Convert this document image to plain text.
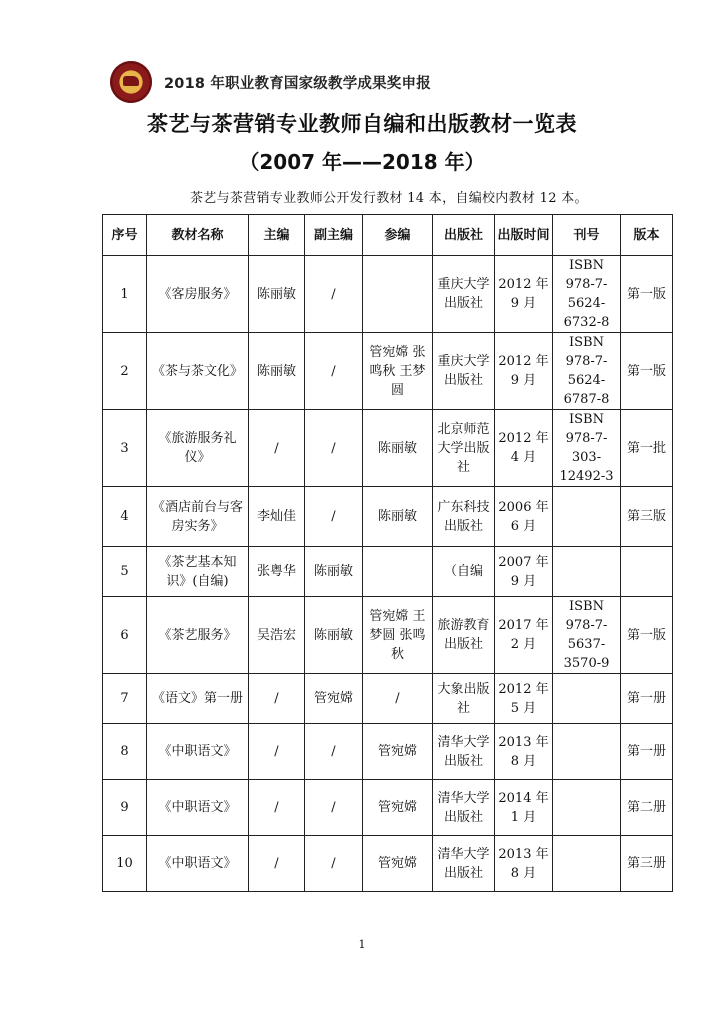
2018 年职业教育国家级教学成果奖申报
茶艺与茶营销专业教师自编和出版教材一览表
（2007 年——2018 年）
茶艺与茶营销专业教师公开发行教材 14 本，自编校内教材 12 本。
序号	教材名称	主编	副主编	参编	出版社	出版时间	刊号	版本
1	《客房服务》	陈丽敏	/		重庆大学出版社	2012 年 9 月	ISBN 978-7-5624-6732-8	第一版
2	《茶与茶文化》	陈丽敏	/	管宛嫦 张鸣秋 王梦圆	重庆大学出版社	2012 年 9 月	ISBN 978-7-5624-6787-8	第一版
3	《旅游服务礼仪》	/	/	陈丽敏	北京师范大学出版社	2012 年 4 月	ISBN 978-7-303-12492-3	第一批
4	《酒店前台与客房实务》	李灿佳	/	陈丽敏	广东科技出版社	2006 年 6 月		第三版
5	《茶艺基本知识》(自编)	张粤华	陈丽敏		（自编	2007 年 9 月		
6	《茶艺服务》	吴浩宏	陈丽敏	管宛嫦 王梦圆 张鸣秋	旅游教育出版社	2017 年 2 月	ISBN 978-7-5637-3570-9	第一版
7	《语文》第一册	/	管宛嫦	/	大象出版社	2012 年 5 月		第一册
8	《中职语文》	/	/	管宛嫦	清华大学出版社	2013 年 8 月		第一册
9	《中职语文》	/	/	管宛嫦	清华大学出版社	2014 年 1 月		第二册
10	《中职语文》	/	/	管宛嫦	清华大学出版社	2013 年 8 月		第三册
1
